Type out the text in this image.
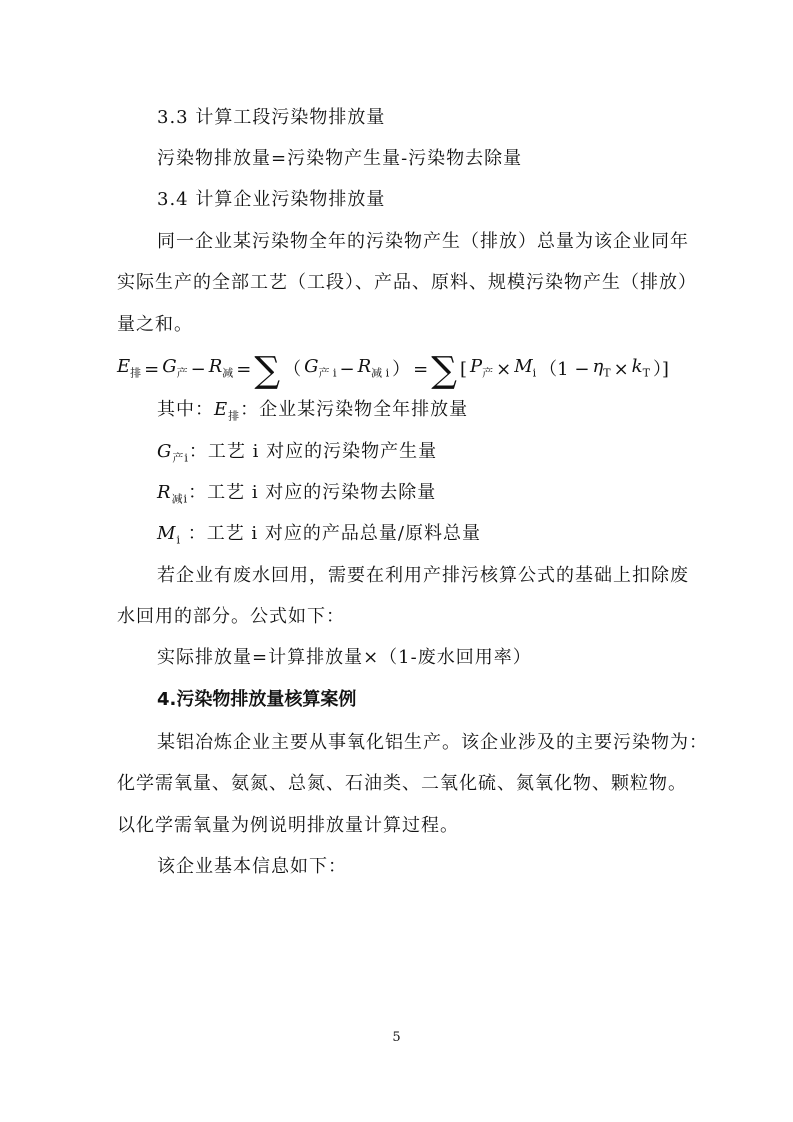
3.3 计算工段污染物排放量
污染物排放量=污染物产生量-污染物去除量
3.4 计算企业污染物排放量
同一企业某污染物全年的污染物产生（排放）总量为该企业同年
实际生产的全部工艺（工段）、产品、原料、规模污染物产生（排放）
量之和。
$E_排 = G_产 - R_减$ = ∑ （ $G_{产 i} - R_{减 i}$ ） = ∑ [ $P_产 \times M_i$ （$1 - \eta_T \times k_T$ ）]
其中：$E_排$：企业某污染物全年排放量
$G_{产i}$：工艺 i 对应的污染物产生量
$R_{减i}$：工艺 i 对应的污染物去除量
$M_i$ ：工艺 i 对应的产品总量/原料总量
若企业有废水回用，需要在利用产排污核算公式的基础上扣除废
水回用的部分。公式如下：
实际排放量=计算排放量×（1-废水回用率）
4.污染物排放量核算案例
某铝冶炼企业主要从事氧化铝生产。该企业涉及的主要污染物为：
化学需氧量、氨氮、总氮、石油类、二氧化硫、氮氧化物、颗粒物。
以化学需氧量为例说明排放量计算过程。
该企业基本信息如下：
5
